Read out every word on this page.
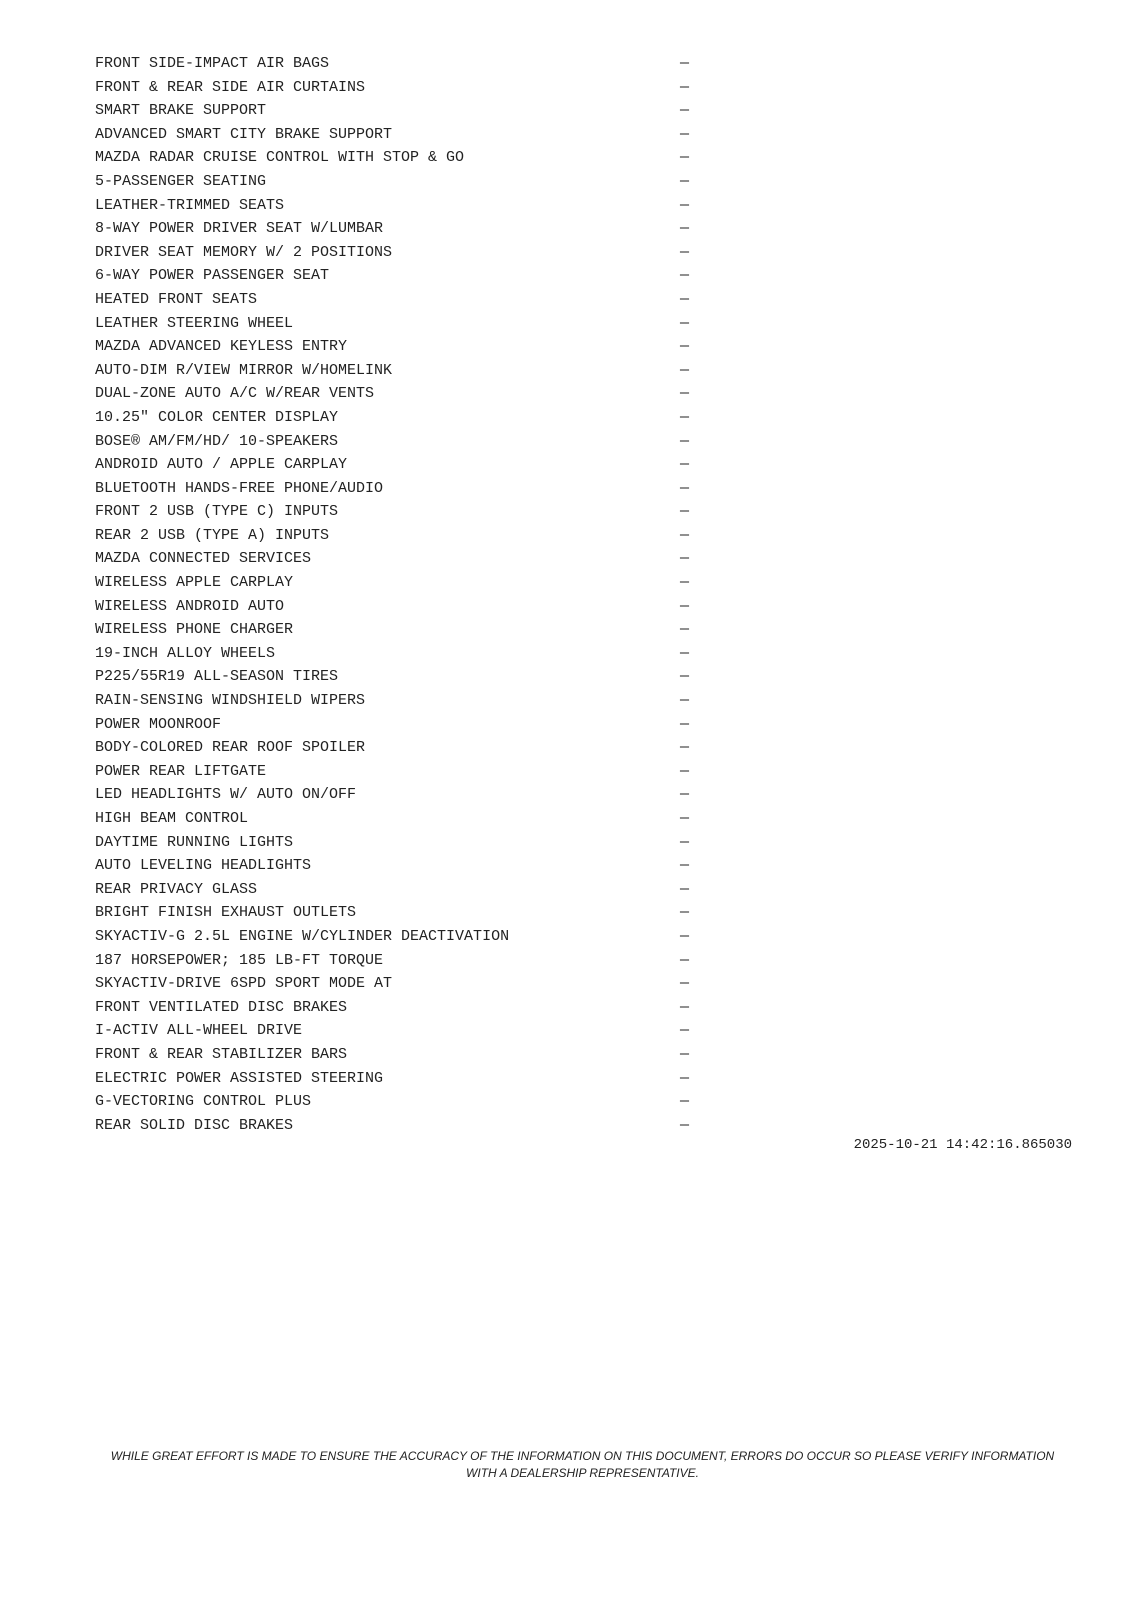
FRONT SIDE-IMPACT AIR BAGS	—
FRONT & REAR SIDE AIR CURTAINS	—
SMART BRAKE SUPPORT	—
ADVANCED SMART CITY BRAKE SUPPORT	—
MAZDA RADAR CRUISE CONTROL WITH STOP & GO	—
5-PASSENGER SEATING	—
LEATHER-TRIMMED SEATS	—
8-WAY POWER DRIVER SEAT W/LUMBAR	—
DRIVER SEAT MEMORY W/ 2 POSITIONS	—
6-WAY POWER PASSENGER SEAT	—
HEATED FRONT SEATS	—
LEATHER STEERING WHEEL	—
MAZDA ADVANCED KEYLESS ENTRY	—
AUTO-DIM R/VIEW MIRROR W/HOMELINK	—
DUAL-ZONE AUTO A/C W/REAR VENTS	—
10.25" COLOR CENTER DISPLAY	—
BOSE® AM/FM/HD/ 10-SPEAKERS	—
ANDROID AUTO / APPLE CARPLAY	—
BLUETOOTH HANDS-FREE PHONE/AUDIO	—
FRONT 2 USB (TYPE C) INPUTS	—
REAR 2 USB (TYPE A) INPUTS	—
MAZDA CONNECTED SERVICES	—
WIRELESS APPLE CARPLAY	—
WIRELESS ANDROID AUTO	—
WIRELESS PHONE CHARGER	—
19-INCH ALLOY WHEELS	—
P225/55R19 ALL-SEASON TIRES	—
RAIN-SENSING WINDSHIELD WIPERS	—
POWER MOONROOF	—
BODY-COLORED REAR ROOF SPOILER	—
POWER REAR LIFTGATE	—
LED HEADLIGHTS W/ AUTO ON/OFF	—
HIGH BEAM CONTROL	—
DAYTIME RUNNING LIGHTS	—
AUTO LEVELING HEADLIGHTS	—
REAR PRIVACY GLASS	—
BRIGHT FINISH EXHAUST OUTLETS	—
SKYACTIV-G 2.5L ENGINE W/CYLINDER DEACTIVATION	—
187 HORSEPOWER; 185 LB-FT TORQUE	—
SKYACTIV-DRIVE 6SPD SPORT MODE AT	—
FRONT VENTILATED DISC BRAKES	—
I-ACTIV ALL-WHEEL DRIVE	—
FRONT & REAR STABILIZER BARS	—
ELECTRIC POWER ASSISTED STEERING	—
G-VECTORING CONTROL PLUS	—
REAR SOLID DISC BRAKES	—
2025-10-21 14:42:16.865030
WHILE GREAT EFFORT IS MADE TO ENSURE THE ACCURACY OF THE INFORMATION ON THIS DOCUMENT, ERRORS DO OCCUR SO PLEASE VERIFY INFORMATION WITH A DEALERSHIP REPRESENTATIVE.
